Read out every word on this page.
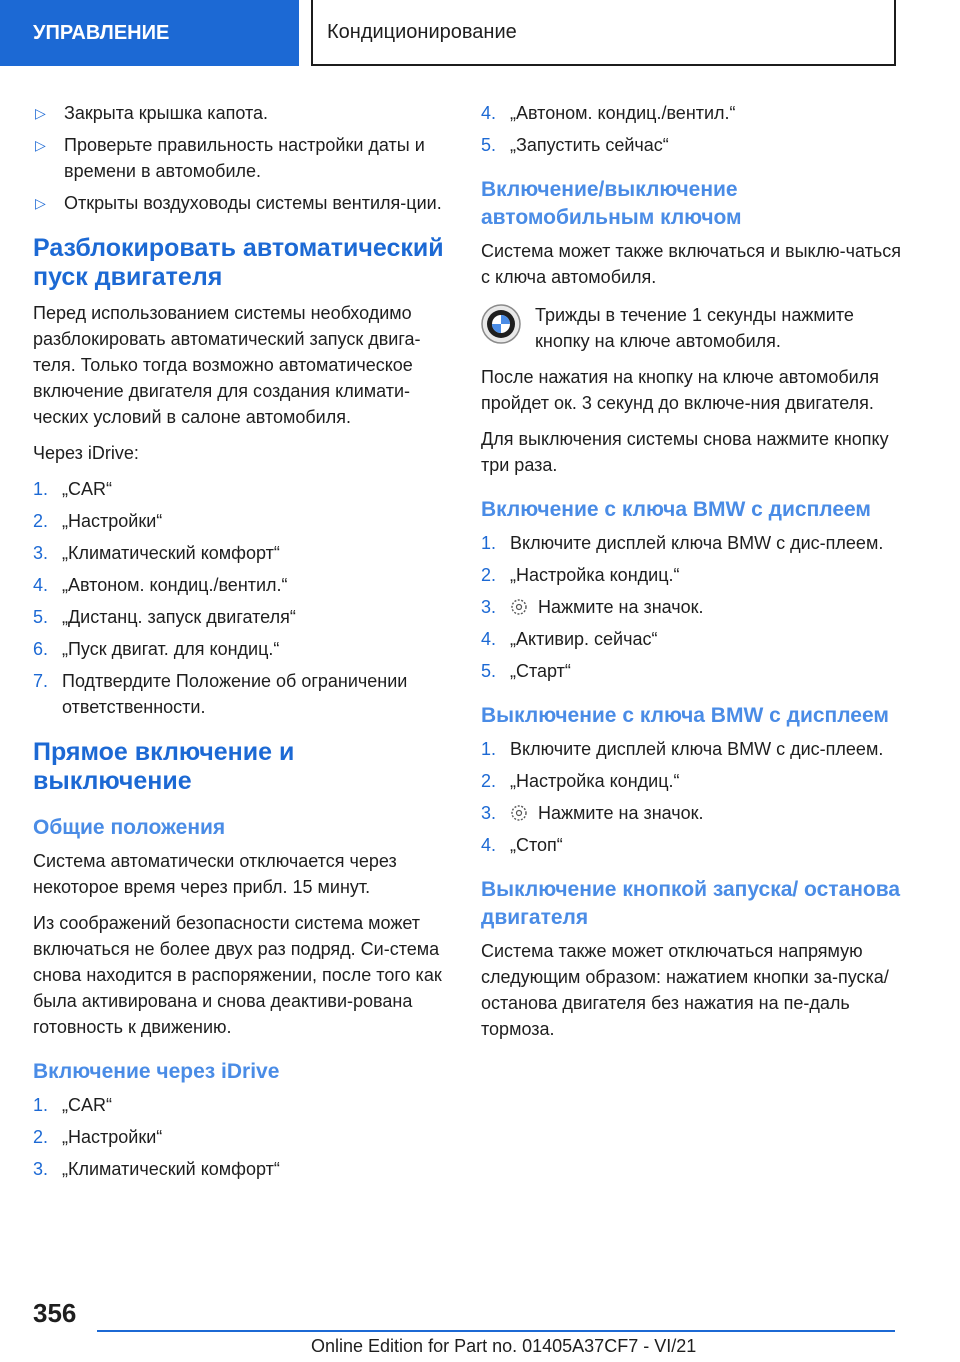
УПРАВЛЕНИЕ	Кондиционирование
▷	Закрыта крышка капота.
▷	Проверьте правильность настройки даты и времени в автомобиле.
▷	Открыты воздуховоды системы вентиля-ции.
Разблокировать автоматический пуск двигателя

Перед использованием системы необходимо разблокировать автоматический запуск двига-теля. Только тогда возможно автоматическое включение двигателя для создания климати-ческих условий в салоне автомобиля.

Через iDrive:

1. „CAR“
2. „Настройки“
3. „Климатический комфорт“
4. „Автоном. кондиц./вентил.“
5. „Дистанц. запуск двигателя“
6. „Пуск двигат. для кондиц.“
7. Подтвердите Положение об ограничении ответственности.
Прямое включение и выключение
Общие положения

Система автоматически отключается через некоторое время через прибл. 15 минут.

Из соображений безопасности система может включаться не более двух раз подряд. Си-стема снова находится в распоряжении, после того как была активирована и снова деактиви-рована готовность к движению.

Включение через iDrive
1. „CAR“
2. „Настройки“
3. „Климатический комфорт“
4. „Автоном. кондиц./вентил.“
5. „Запустить сейчас“
Включение/выключение автомобильным ключом

Система может также включаться и выклю-чаться с ключа автомобиля.

Трижды в течение 1 секунды нажмите кнопку на ключе автомобиля.

После нажатия на кнопку на ключе автомобиля пройдет ок. 3 секунд до включе-ния двигателя.

Для выключения системы снова нажмите кнопку три раза.

Включение с ключа BMW с дисплеем
1. Включите дисплей ключа BMW с дис-плеем.
2. „Настройка кондиц.“
3.	Нажмите на значок.
4. „Активир. сейчас“
5. „Старт“
Выключение с ключа BMW с дисплеем
1. Включите дисплей ключа BMW с дис-плеем.
2. „Настройка кондиц.“
3.	Нажмите на значок.
4. „Стоп“
Выключение кнопкой запуска/ останова двигателя

Система также может отключаться напрямую следующим образом: нажатием кнопки за-пуска/останова двигателя без нажатия на пе-даль тормоза.

356
Online Edition for Part no. 01405A37CF7 - VI/21
